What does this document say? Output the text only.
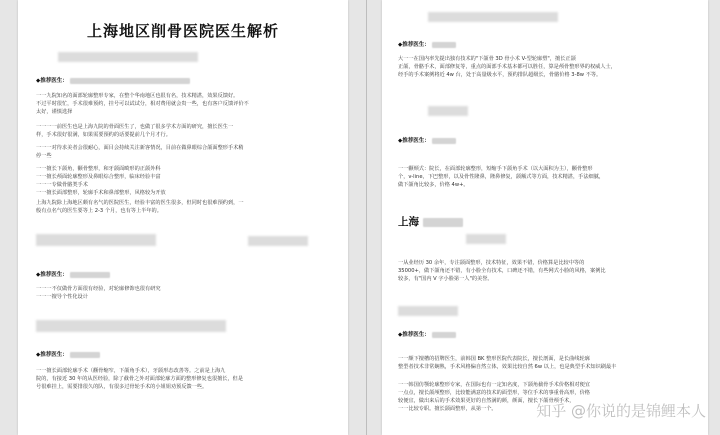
上海地区削骨医院医生解析
◆推荐医生：
一一九院知名的面部轮廓整形专家，在整个华南地区也很有名，技术精湛，效果反馈好。
不过平时很忙，手术很难预约，挂号可以试试分，相对费用就会贵一些，也有客户反馈评价不
太好，谨慎选择
一一一一前医生也是上海九院的骨面医生了，也做了很多学术方面的研究，擅长医生一
样，手术很好很满，如果需要预约的话要提前几个月才行。
一一一对待求美者会很耐心，面目会持续关注新客情况，目前在做鼻眼综合颌面整形手术稍
停一些
一一擅长下颌角，颧骨整形，和牙颌面畸形的正颌外科
一一擅长颅面轮廓整形及鼻眼综合整形，临床经验丰富
一一一专做骨骼类手术
一一擅长面部整形，轮廓手术和鼻部整形，风格较为开放
上海九院除上海地区颇有名气的医院医生，经验丰富的医生很多，但同时也很难预约到，一
般有点名气的医生要等上 2-3 个月，也有等上半年的。
◆推荐医生：
一一一不仅做骨方面很有经验，对轮廓修饰也很有研究
一一一擅导个性化设计
◆推荐医生：
一一擅长面部轮廓手术（颧骨缩窄，下颌角手术），牙颌形态改善等。之前是上海九
院的，有接近 30 年的从医经验，除了截骨之外对面部轮廓方面的整形修复也很擅长，但是
号很难挂上，需要排很久的队，有很多过骨轮手术的小姐姐劝预反馈一些。
◆推荐医生：
大一一在国内率先提出独有技术的"下颌骨 3D 骨小术 V-型轮廓塑"，擅长正颌
正颌，骨骼手术，面部修复等，重点的面部手术基本都可以胜任，算是颅骨整形界的权威人士，
经手的手术案例将近 4w 台，处于高量级水平，预约排队超级长，骨骼价格 3-8w 不等。
◆推荐医生：
一一颧颊式：院长，在面部轮廓整形，短缩手下颌角手术（以大面积为主），颧骨整形
个，v-line，下巴整形，以及骨性隆鼻，隆鼻修复，颌额式等方面，技术精湛，手法细腻，
做下颌角比较多，价格 4w+。
上海
一从业经历 30 余年，专注颌面整形，技术特征，效果不错，价格算是比较中等的
35000+，做下颌角还不错，有小脸全有技术，口碑还不错，有些网式小脸的风格，案例比
较多，有"国内 V 字小脸第一人"的美誉。
◆推荐医生：
一一颇下擅槽的招牌医生，前韩国 BK 整形医院代表院长，擅长剖面，是长曲线轮廓
整型者技术非常娴熟，手术风格偏自然立体，效果比较自然 6w 以上，也是典型手术知识刷最丰
一一韩国仿颚轮廓整形专家，在国际也有一定知名度，下颌角截骨手术价格相对便宜
一点点，擅长颌颅整形，比较能满意的技术的面型形，等位手术的事重骨高形，价格
较便宜，做出来后的手术效果更好的自然满的颜，颜面，擅长下颌骨颅手术，
一一比较专职。擅长颌面整形，从第一个。	知乎 @你说的是锦鲤本人
